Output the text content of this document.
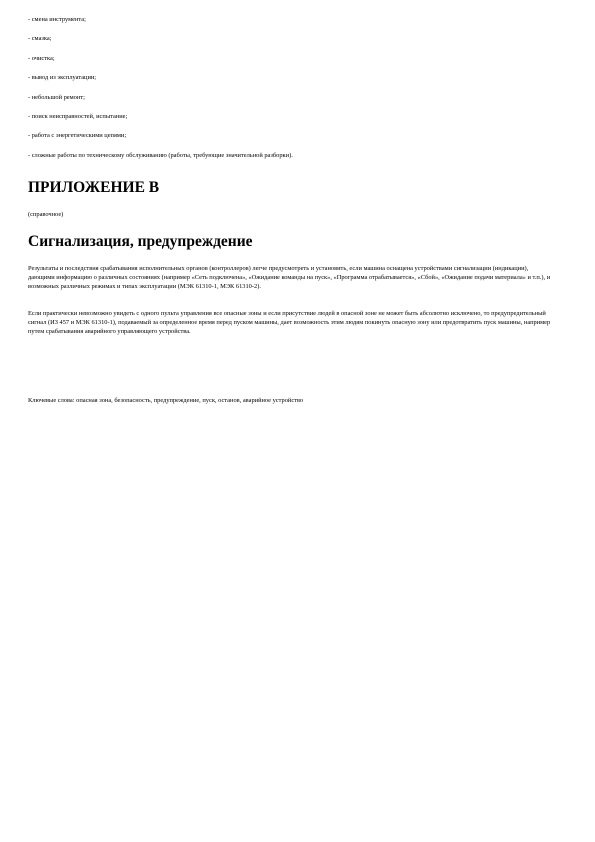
- смена инструмента;
- смазка;
- очистка;
- вывод из эксплуатации;
- небольшой ремонт;
- поиск неисправностей, испытание;
- работа с энергетическими цепями;
- сложные работы по техническому обслуживанию (работы, требующие значительной разборки).
ПРИЛОЖЕНИЕ В
(справочное)
Сигнализация, предупреждение

Результаты и последствия срабатывания исполнительных органов (контроллеров) легче предусмотреть и установить, если машина оснащена устройствами сигнализации (индикации), дающими информацию о различных состояниях (например «Сеть подключена», «Ожидание команды на пуск», «Программа отрабатывается», «Сбой», «Ожидание подачи материала» и т.п.), и возможных различных режимах и типах эксплуатации (МЭК 61310-1, МЭК 61310-2).

Если практически невозможно увидеть с одного пульта управления все опасные зоны и если присутствие людей в опасной зоне не может быть абсолютно исключено, то предупредительный сигнал (ИЗ 457 и МЭК 61310-1), подаваемый за определенное время перед пуском машины, дает возможность этим людям покинуть опасную зону или предотвратить пуск машины, например путем срабатывания аварийного управляющего устройства.

Ключевые слова: опасная зона, безопасность, предупреждение, пуск, останов, аварийное устройство
